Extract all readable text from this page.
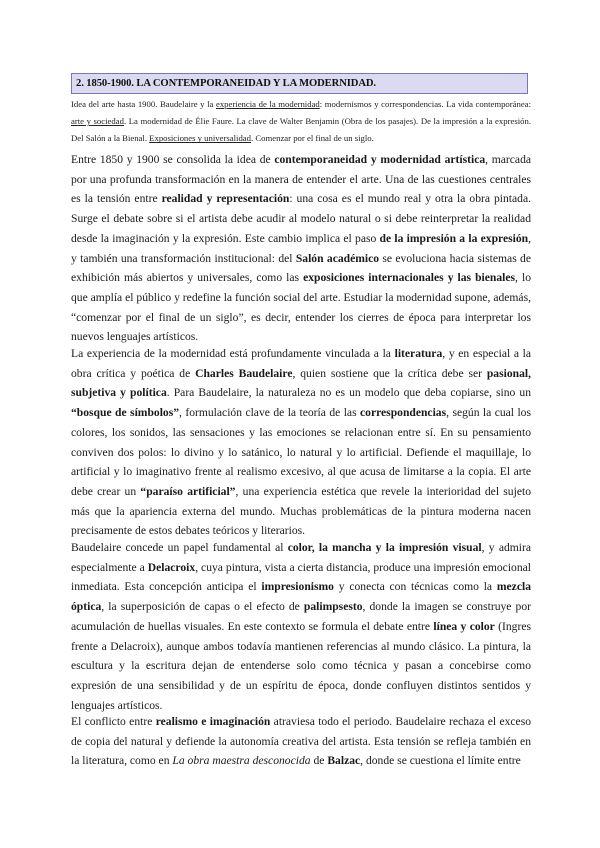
2. 1850-1900. LA CONTEMPORANEIDAD Y LA MODERNIDAD.
Idea del arte hasta 1900. Baudelaire y la experiencia de la modernidad: modernismos y correspondencias. La vida contemporánea: arte y sociedad. La modernidad de Élie Faure. La clave de Walter Benjamin (Obra de los pasajes). De la impresión a la expresión. Del Salón a la Bienal. Exposiciones y universalidad. Comenzar por el final de un siglo.
Entre 1850 y 1900 se consolida la idea de contemporaneidad y modernidad artística, marcada por una profunda transformación en la manera de entender el arte. Una de las cuestiones centrales es la tensión entre realidad y representación: una cosa es el mundo real y otra la obra pintada. Surge el debate sobre si el artista debe acudir al modelo natural o si debe reinterpretar la realidad desde la imaginación y la expresión. Este cambio implica el paso de la impresión a la expresión, y también una transformación institucional: del Salón académico se evoluciona hacia sistemas de exhibición más abiertos y universales, como las exposiciones internacionales y las bienales, lo que amplía el público y redefine la función social del arte. Estudiar la modernidad supone, además, “comenzar por el final de un siglo”, es decir, entender los cierres de época para interpretar los nuevos lenguajes artísticos.
La experiencia de la modernidad está profundamente vinculada a la literatura, y en especial a la obra crítica y poética de Charles Baudelaire, quien sostiene que la crítica debe ser pasional, subjetiva y política. Para Baudelaire, la naturaleza no es un modelo que deba copiarse, sino un “bosque de símbolos”, formulación clave de la teoría de las correspondencias, según la cual los colores, los sonidos, las sensaciones y las emociones se relacionan entre sí. En su pensamiento conviven dos polos: lo divino y lo satánico, lo natural y lo artificial. Defiende el maquillaje, lo artificial y lo imaginativo frente al realismo excesivo, al que acusa de limitarse a la copia. El arte debe crear un “paraíso artificial”, una experiencia estética que revele la interioridad del sujeto más que la apariencia externa del mundo. Muchas problemáticas de la pintura moderna nacen precisamente de estos debates teóricos y literarios.
Baudelaire concede un papel fundamental al color, la mancha y la impresión visual, y admira especialmente a Delacroix, cuya pintura, vista a cierta distancia, produce una impresión emocional inmediata. Esta concepción anticipa el impresionismo y conecta con técnicas como la mezcla óptica, la superposición de capas o el efecto de palimpsesto, donde la imagen se construye por acumulación de huellas visuales. En este contexto se formula el debate entre línea y color (Ingres frente a Delacroix), aunque ambos todavía mantienen referencias al mundo clásico. La pintura, la escultura y la escritura dejan de entenderse solo como técnica y pasan a concebirse como expresión de una sensibilidad y de un espíritu de época, donde confluyen distintos sentidos y lenguajes artísticos.
El conflicto entre realismo e imaginación atraviesa todo el periodo. Baudelaire rechaza el exceso de copia del natural y defiende la autonomía creativa del artista. Esta tensión se refleja también en la literatura, como en La obra maestra desconocida de Balzac, donde se cuestiona el límite entre
